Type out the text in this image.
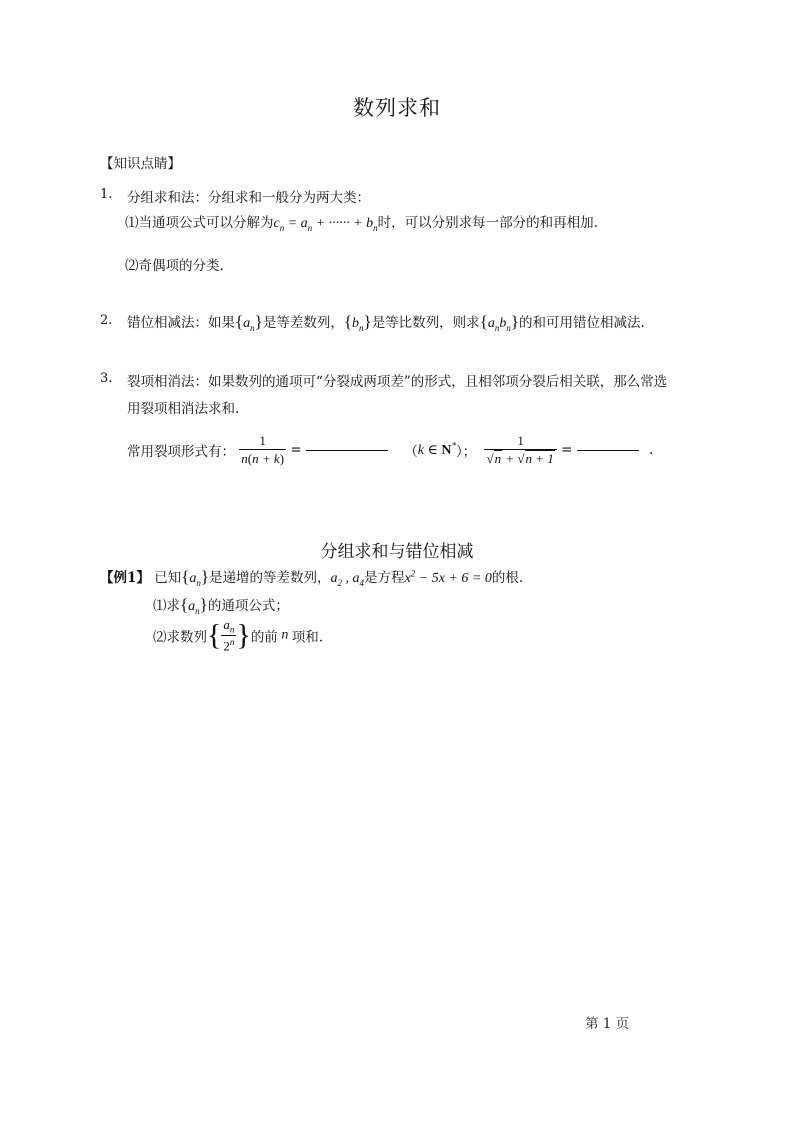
数列求和
【知识点睛】
1. 分组求和法：分组求和一般分为两大类：
⑴当通项公式可以分解为$c_n = a_n$ + ······ + $b_n$时，可以分别求每一部分的和再相加.
⑵奇偶项的分类.
2. 错位相减法：如果$\{a_n\}$是等差数列，$\{b_n\}$是等比数列，则求$\{a_nb_n\}$的和可用错位相减法.
3. 裂项相消法：如果数列的通项可“分裂成两项差”的形式，且相邻项分裂后相关联，那么常选
用裂项相消法求和.
常用裂项形式有： $\frac{1}{n(n + k)}$ =	（k ∈ N*）； $\frac{1}{√n + √n + 1}$ =	.
分组求和与错位相减
【例1】 已知$\{a_n\}$是递增的等差数列，$a_2$ , $a_4$是方程$x^2 - 5x + 6 = 0$的根.
⑴求$\{a_n\}$的通项公式；
⑵求数列{ $\frac{a_n}{2^n}$ }的前 n 项和.
第 1 页
